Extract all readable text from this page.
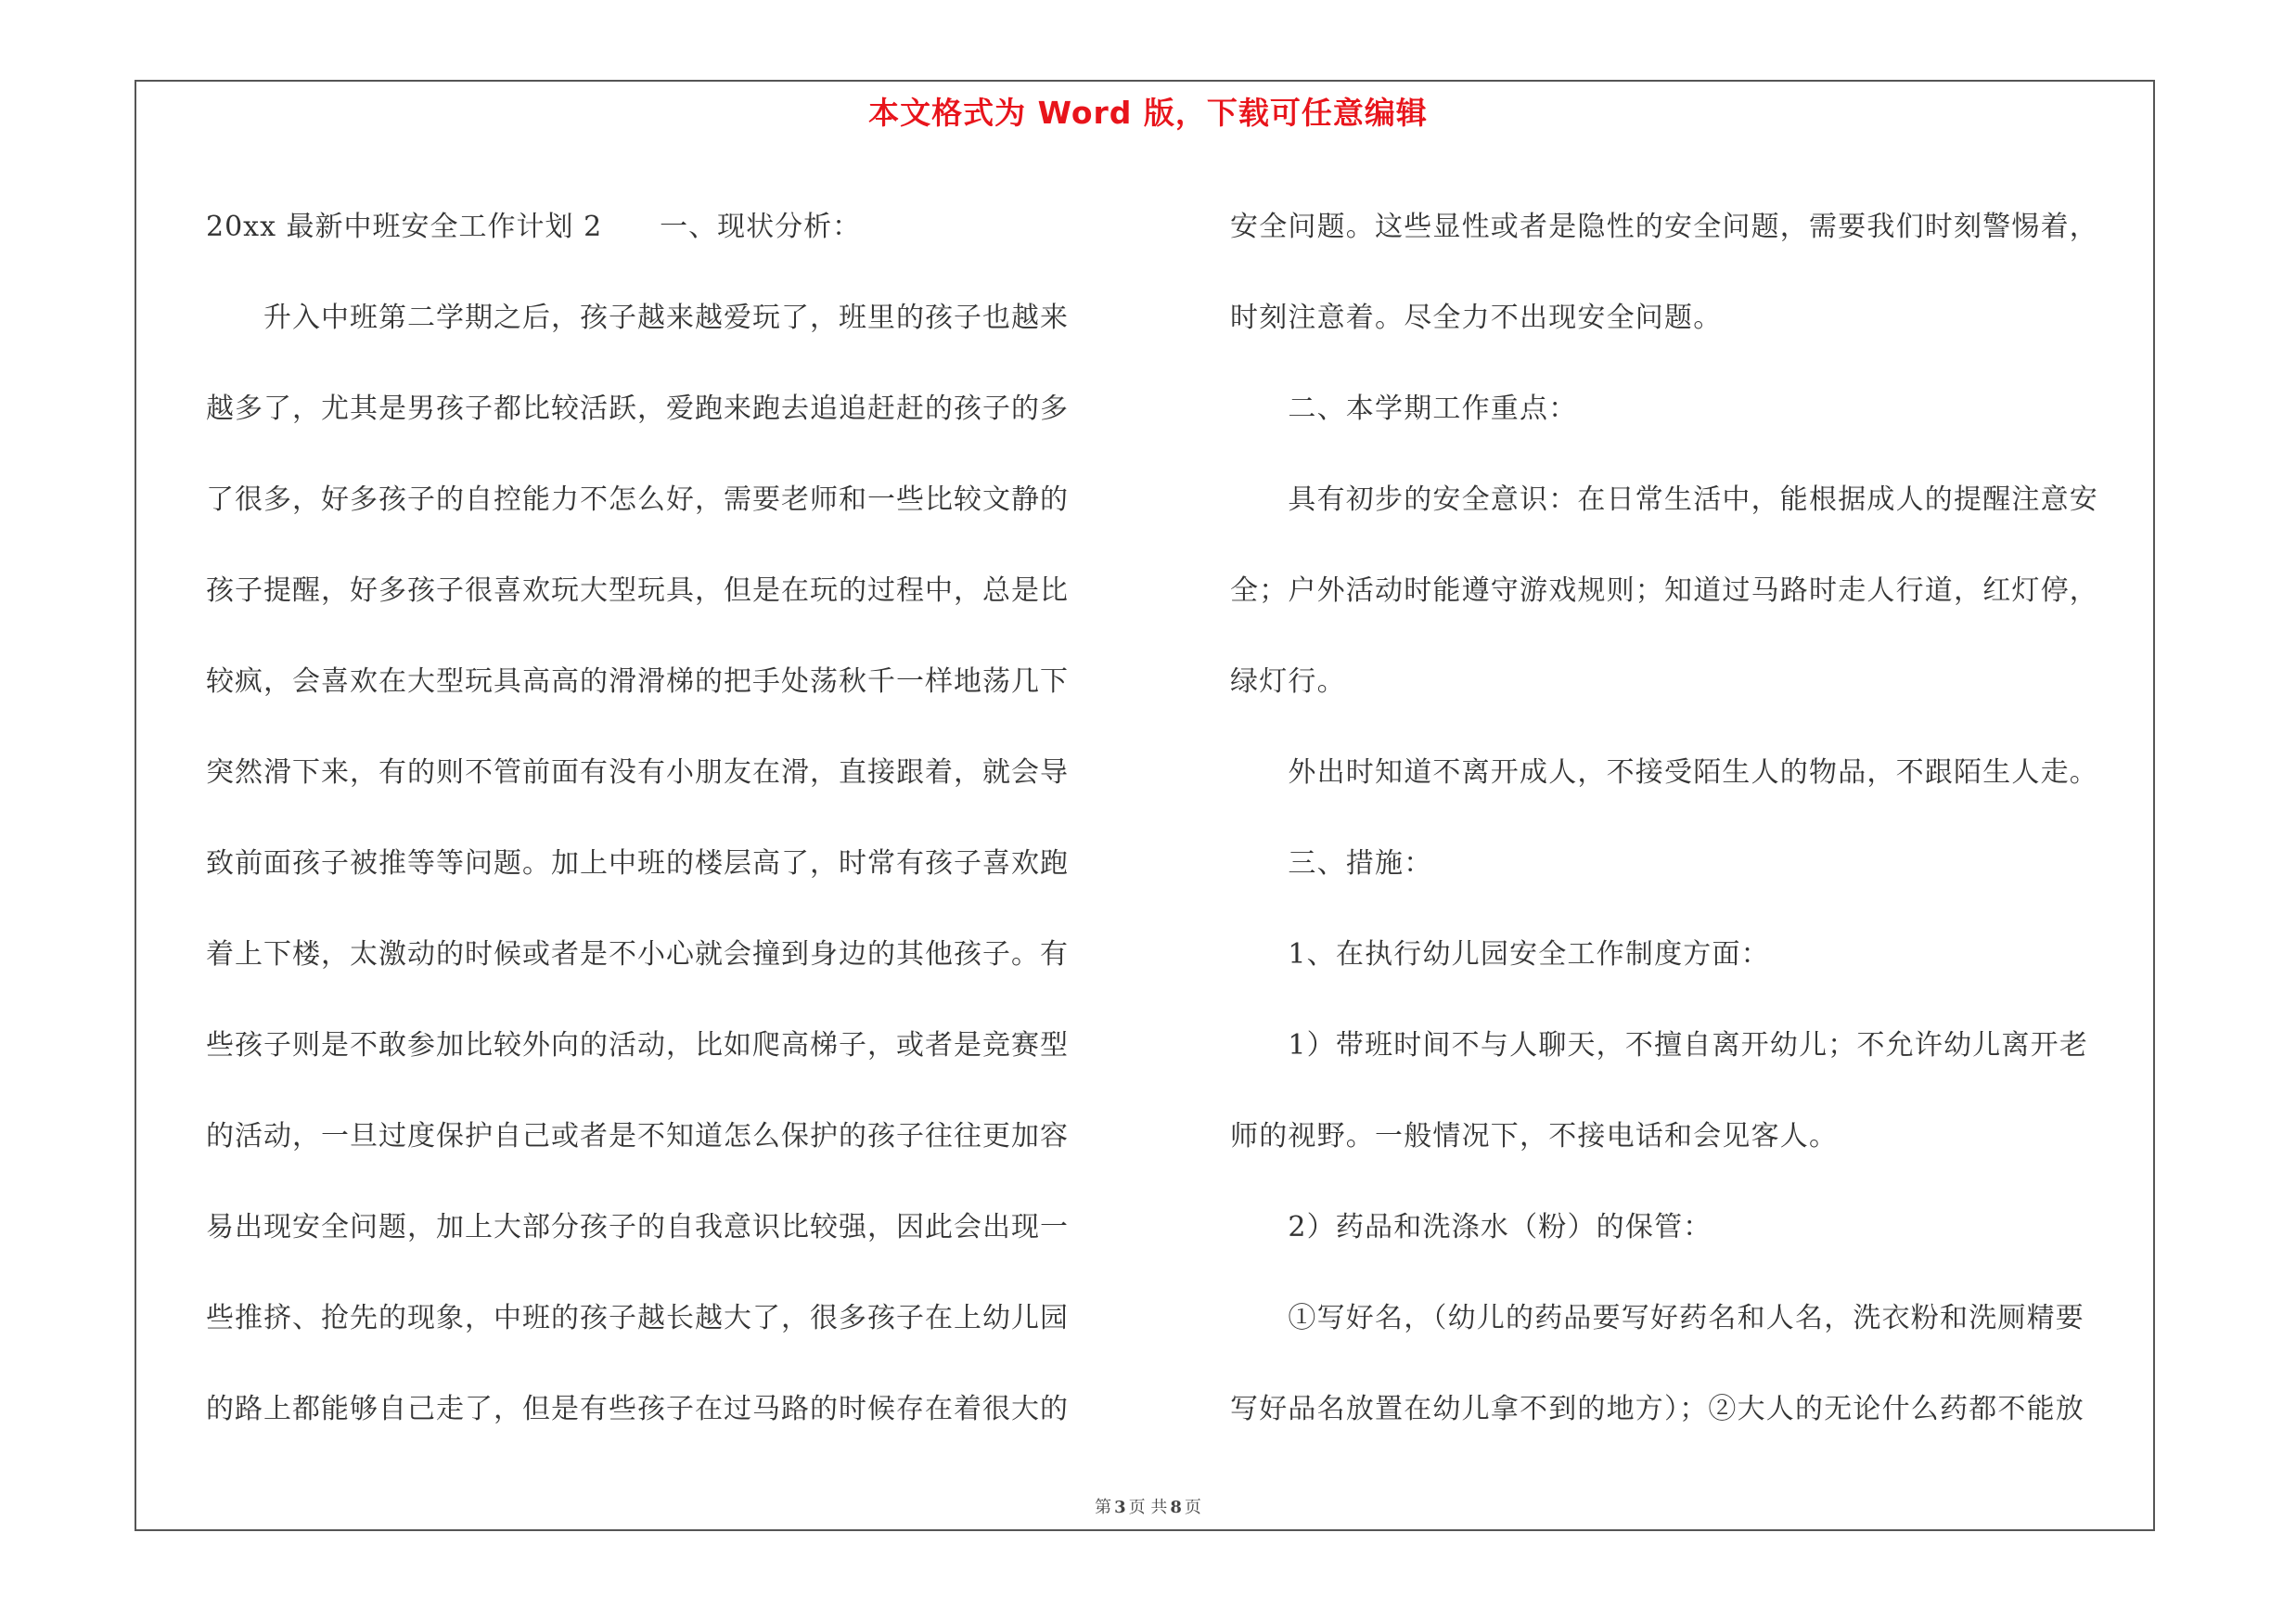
本文格式为 Word 版，下载可任意编辑

20xx 最新中班安全工作计划 2　　一、现状分析：

　　升入中班第二学期之后，孩子越来越爱玩了，班里的孩子也越来

越多了，尤其是男孩子都比较活跃，爱跑来跑去追追赶赶的孩子的多

了很多，好多孩子的自控能力不怎么好，需要老师和一些比较文静的

孩子提醒，好多孩子很喜欢玩大型玩具，但是在玩的过程中，总是比

较疯，会喜欢在大型玩具高高的滑滑梯的把手处荡秋千一样地荡几下

突然滑下来，有的则不管前面有没有小朋友在滑，直接跟着，就会导

致前面孩子被推等等问题。加上中班的楼层高了，时常有孩子喜欢跑

着上下楼，太激动的时候或者是不小心就会撞到身边的其他孩子。有

些孩子则是不敢参加比较外向的活动，比如爬高梯子，或者是竞赛型

的活动，一旦过度保护自己或者是不知道怎么保护的孩子往往更加容

易出现安全问题，加上大部分孩子的自我意识比较强，因此会出现一

些推挤、抢先的现象，中班的孩子越长越大了，很多孩子在上幼儿园

的路上都能够自己走了，但是有些孩子在过马路的时候存在着很大的

安全问题。这些显性或者是隐性的安全问题，需要我们时刻警惕着，

时刻注意着。尽全力不出现安全问题。

　　二、本学期工作重点：

　　具有初步的安全意识：在日常生活中，能根据成人的提醒注意安

全；户外活动时能遵守游戏规则；知道过马路时走人行道，红灯停，

绿灯行。

　　外出时知道不离开成人，不接受陌生人的物品，不跟陌生人走。

　　三、措施：

　　1、在执行幼儿园安全工作制度方面：

　　1）带班时间不与人聊天，不擅自离开幼儿；不允许幼儿离开老

师的视野。一般情况下，不接电话和会见客人。

　　2）药品和洗涤水（粉）的保管：

　　①写好名，（幼儿的药品要写好药名和人名，洗衣粉和洗厕精要

写好品名放置在幼儿拿不到的地方）；②大人的无论什么药都不能放

第 3 页 共 8 页
